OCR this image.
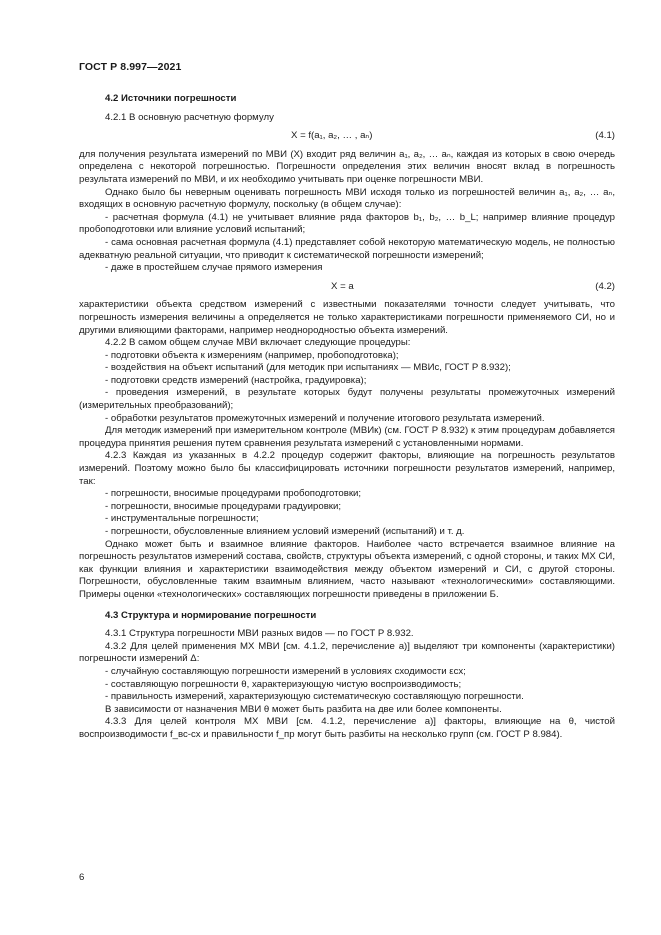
ГОСТ Р 8.997—2021

4.2 Источники погрешности

4.2.1 В основную расчетную формулу

X = f(a₁, a₂, … , aₙ)	(4.1)

для получения результата измерений по МВИ (X) входит ряд величин a₁, a₂, … aₙ, каждая из которых в свою очередь определена с некоторой погрешностью. Погрешности определения этих величин вносят вклад в погрешность результата измерений по МВИ, и их необходимо учитывать при оценке погрешности МВИ.

Однако было бы неверным оценивать погрешность МВИ исходя только из погрешностей величин a₁, a₂, … aₙ, входящих в основную расчетную формулу, поскольку (в общем случае):

- расчетная формула (4.1) не учитывает влияние ряда факторов b₁, b₂, … b_L; например влияние процедур пробоподготовки или влияние условий испытаний;

- сама основная расчетная формула (4.1) представляет собой некоторую математическую модель, не полностью адекватную реальной ситуации, что приводит к систематической погрешности измерений;

- даже в простейшем случае прямого измерения

X = a	(4.2)

характеристики объекта средством измерений с известными показателями точности следует учитывать, что погрешность измерения величины a определяется не только характеристиками погрешности применяемого СИ, но и другими влияющими факторами, например неоднородностью объекта измерений.

4.2.2 В самом общем случае МВИ включает следующие процедуры:

- подготовки объекта к измерениям (например, пробоподготовка);

- воздействия на объект испытаний (для методик при испытаниях — МВИс, ГОСТ Р 8.932);

- подготовки средств измерений (настройка, градуировка);

- проведения измерений, в результате которых будут получены результаты промежуточных измерений (измерительных преобразований);

- обработки результатов промежуточных измерений и получение итогового результата измерений.

Для методик измерений при измерительном контроле (МВИк) (см. ГОСТ Р 8.932) к этим процедурам добавляется процедура принятия решения путем сравнения результата измерений с установленными нормами.

4.2.3 Каждая из указанных в 4.2.2 процедур содержит факторы, влияющие на погрешность результатов измерений. Поэтому можно было бы классифицировать источники погрешности результатов измерений, например, так:

- погрешности, вносимые процедурами пробоподготовки;

- погрешности, вносимые процедурами градуировки;

- инструментальные погрешности;

- погрешности, обусловленные влиянием условий измерений (испытаний) и т. д.

Однако может быть и взаимное влияние факторов. Наиболее часто встречается взаимное влияние на погрешность результатов измерений состава, свойств, структуры объекта измерений, с одной стороны, и таких МХ СИ, как функции влияния и характеристики взаимодействия между объектом измерений и СИ, с другой стороны. Погрешности, обусловленные таким взаимным влиянием, часто называют «технологическими» составляющими. Примеры оценки «технологических» составляющих погрешности приведены в приложении Б.

4.3 Структура и нормирование погрешности

4.3.1 Структура погрешности МВИ разных видов — по ГОСТ Р 8.932.

4.3.2 Для целей применения МХ МВИ [см. 4.1.2, перечисление а)] выделяют три компоненты (характеристики) погрешности измерений Δ:

- случайную составляющую погрешности измерений в условиях сходимости εсх;

- составляющую погрешности θ, характеризующую чистую воспроизводимость;

- правильность измерений, характеризующую систематическую составляющую погрешности.

В зависимости от назначения МВИ θ может быть разбита на две или более компоненты.

4.3.3 Для целей контроля МХ МВИ [см. 4.1.2, перечисление а)] факторы, влияющие на θ, чистой воспроизводимости f_вс-сх и правильности f_пр могут быть разбиты на несколько групп (см. ГОСТ Р 8.984).

6
